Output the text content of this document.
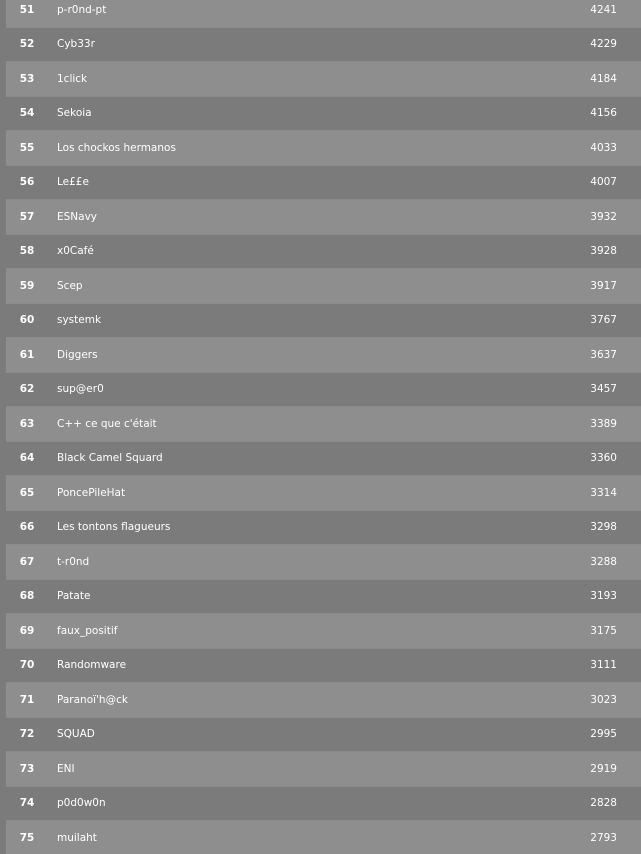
51	p-r0nd-pt	4241
52	Cyb33r	4229
53	1click	4184
54	Sekoia	4156
55	Los chockos hermanos	4033
56	Le££e	4007
57	ESNavy	3932
58	x0Café	3928
59	Scep	3917
60	systemk	3767
61	Diggers	3637
62	sup@er0	3457
63	C++ ce que c'était	3389
64	Black Camel Squard	3360
65	PoncePileHat	3314
66	Les tontons flagueurs	3298
67	t-r0nd	3288
68	Patate	3193
69	faux_positif	3175
70	Randomware	3111
71	Paranoï'h@ck	3023
72	SQUAD	2995
73	ENI	2919
74	p0d0w0n	2828
75	muilaht	2793
